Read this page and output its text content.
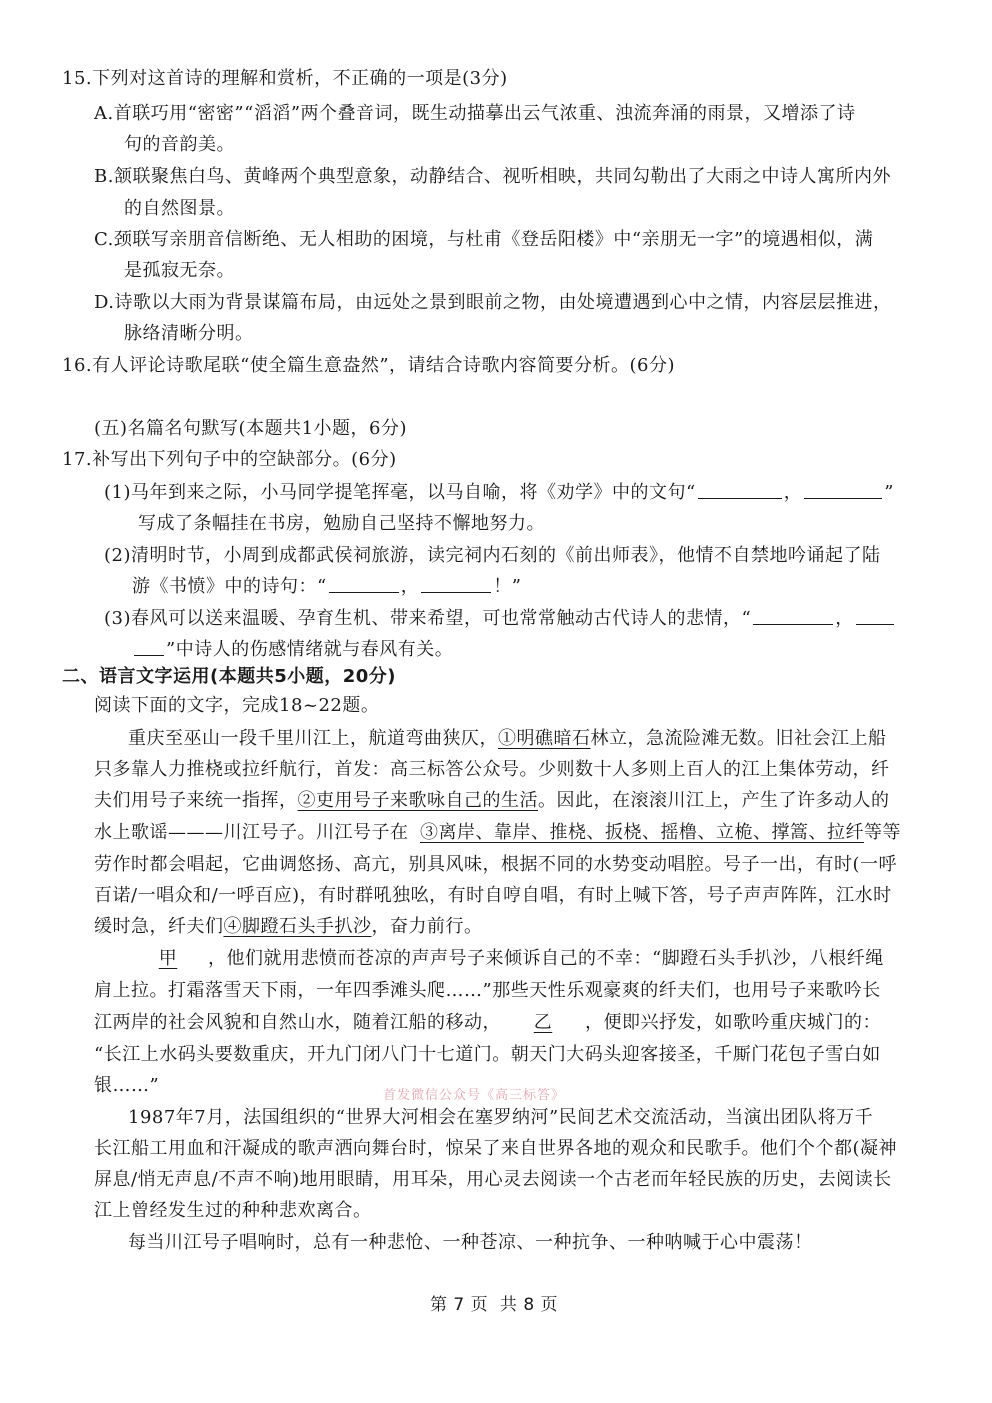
15.下列对这首诗的理解和赏析，不正确的一项是(3分)
A.首联巧用“密密”“滔滔”两个叠音词，既生动描摹出云气浓重、浊流奔涌的雨景，又增添了诗
句的音韵美。
B.颔联聚焦白鸟、黄峰两个典型意象，动静结合、视听相映，共同勾勒出了大雨之中诗人寓所内外
的自然图景。
C.颈联写亲朋音信断绝、无人相助的困境，与杜甫《登岳阳楼》中“亲朋无一字”的境遇相似，满
是孤寂无奈。
D.诗歌以大雨为背景谋篇布局，由远处之景到眼前之物，由处境遭遇到心中之情，内容层层推进，
脉络清晰分明。
16.有人评论诗歌尾联“使全篇生意盎然”，请结合诗歌内容简要分析。(6分)
(五)名篇名句默写(本题共1小题，6分)
17.补写出下列句子中的空缺部分。(6分)
(1)马年到来之际，小马同学提笔挥毫，以马自喻，将《劝学》中的文句“	，	”
写成了条幅挂在书房，勉励自己坚持不懈地努力。
(2)清明时节，小周到成都武侯祠旅游，读完祠内石刻的《前出师表》，他情不自禁地吟诵起了陆
游《书愤》中的诗句：“	，	！”
(3)春风可以送来温暖、孕育生机、带来希望，可也常常触动古代诗人的悲情，“	，
”中诗人的伤感情绪就与春风有关。
二、语言文字运用(本题共5小题，20分)
阅读下面的文字，完成18~22题。
重庆至巫山一段千里川江上，航道弯曲狭仄， ①明礁暗石 林立，急流险滩无数。旧社会江上船
只多靠人力推桡或拉纤航行，首发：高三标答公众号。少则数十人多则上百人的江上集体劳动，纤
夫们用号子来统一指挥， ②吏用号子来歌咏自己的生活 。因此，在滚滚川江上，产生了许多动人的
水上歌谣———川江号子。川江号子在 ③离岸、靠岸、推桡、扳桡、摇橹、立桅、撑篙、拉纤 等等
劳作时都会唱起，它曲调悠扬、高亢，别具风味，根据不同的水势变动唱腔。号子一出，有时(一呼
百诺/一唱众和/一呼百应)，有时群吼独吆，有时自哼自唱，有时上喊下答，号子声声阵阵，江水时
缓时急，纤夫们 ④脚蹬石头手扒沙 ，奋力前行。
甲	，他们就用悲愤而苍凉的声声号子来倾诉自己的不幸：“脚蹬石头手扒沙，八根纤绳
肩上拉。打霜落雪天下雨，一年四季滩头爬……”那些天性乐观豪爽的纤夫们，也用号子来歌吟长
江两岸的社会风貌和自然山水，随着江船的移动，	乙	，便即兴抒发，如歌吟重庆城门的：
“长江上水码头要数重庆，开九门闭八门十七道门。朝天门大码头迎客接圣，千厮门花包子雪白如
银……”	首发微信公众号《高三标答》
1987年7月，法国组织的“世界大河相会在塞罗纳河”民间艺术交流活动，当演出团队将万千
长江船工用血和汗凝成的歌声洒向舞台时，惊呆了来自世界各地的观众和民歌手。他们个个都(凝神
屏息/悄无声息/不声不响)地用眼睛，用耳朵，用心灵去阅读一个古老而年轻民族的历史，去阅读长
江上曾经发生过的种种悲欢离合。
每当川江号子唱响时，总有一种悲怆、一种苍凉、一种抗争、一种呐喊于心中震荡！
第 7 页  共 8 页
